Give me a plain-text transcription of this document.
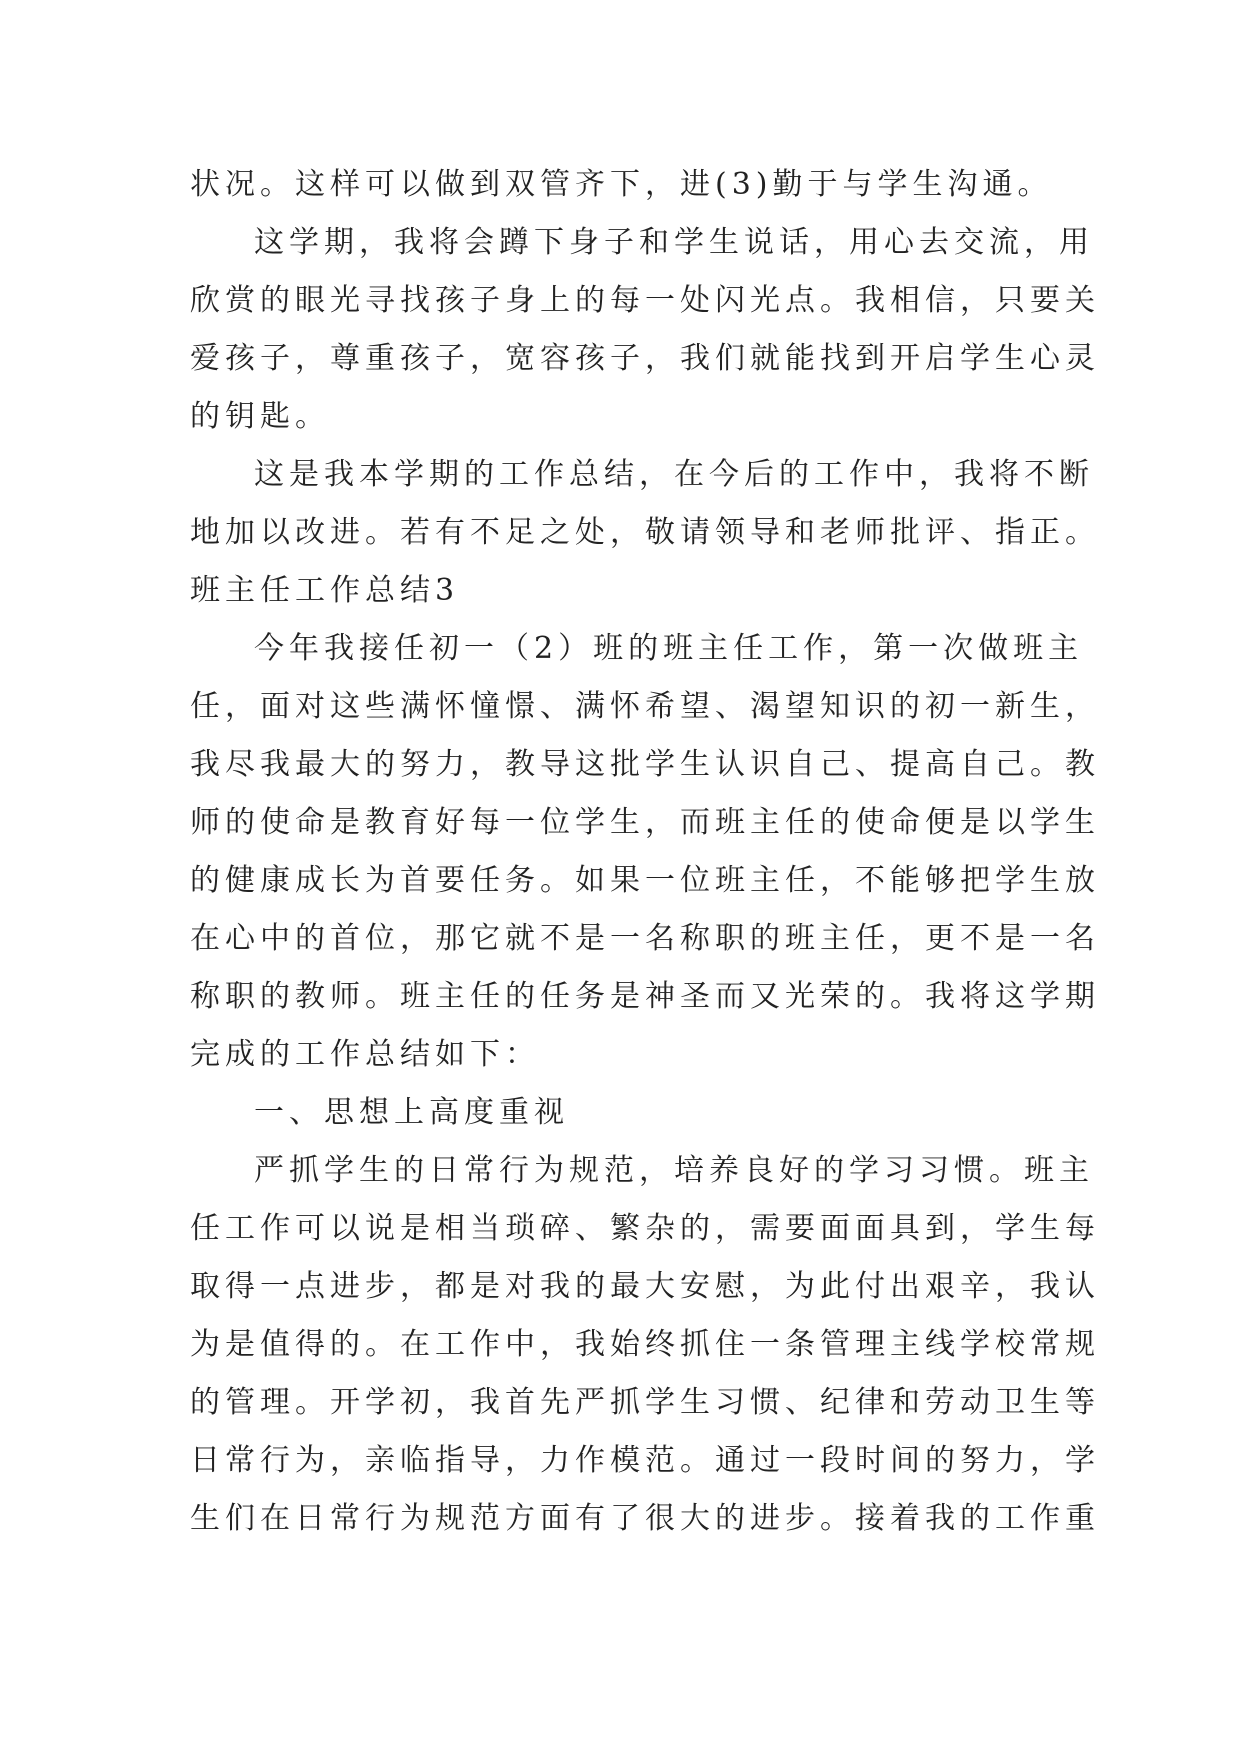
状况。这样可以做到双管齐下，进(3)勤于与学生沟通。
这学期，我将会蹲下身子和学生说话，用心去交流，用
欣赏的眼光寻找孩子身上的每一处闪光点。我相信，只要关
爱孩子，尊重孩子，宽容孩子，我们就能找到开启学生心灵
的钥匙。
这是我本学期的工作总结，在今后的工作中，我将不断
地加以改进。若有不足之处，敬请领导和老师批评、指正。
班主任工作总结3
今年我接任初一（2）班的班主任工作，第一次做班主
任，面对这些满怀憧憬、满怀希望、渴望知识的初一新生，
我尽我最大的努力，教导这批学生认识自己、提高自己。教
师的使命是教育好每一位学生，而班主任的使命便是以学生
的健康成长为首要任务。如果一位班主任，不能够把学生放
在心中的首位，那它就不是一名称职的班主任，更不是一名
称职的教师。班主任的任务是神圣而又光荣的。我将这学期
完成的工作总结如下：
一、思想上高度重视
严抓学生的日常行为规范，培养良好的学习习惯。班主
任工作可以说是相当琐碎、繁杂的，需要面面具到，学生每
取得一点进步，都是对我的最大安慰，为此付出艰辛，我认
为是值得的。在工作中，我始终抓住一条管理主线学校常规
的管理。开学初，我首先严抓学生习惯、纪律和劳动卫生等
日常行为，亲临指导，力作模范。通过一段时间的努力，学
生们在日常行为规范方面有了很大的进步。接着我的工作重
